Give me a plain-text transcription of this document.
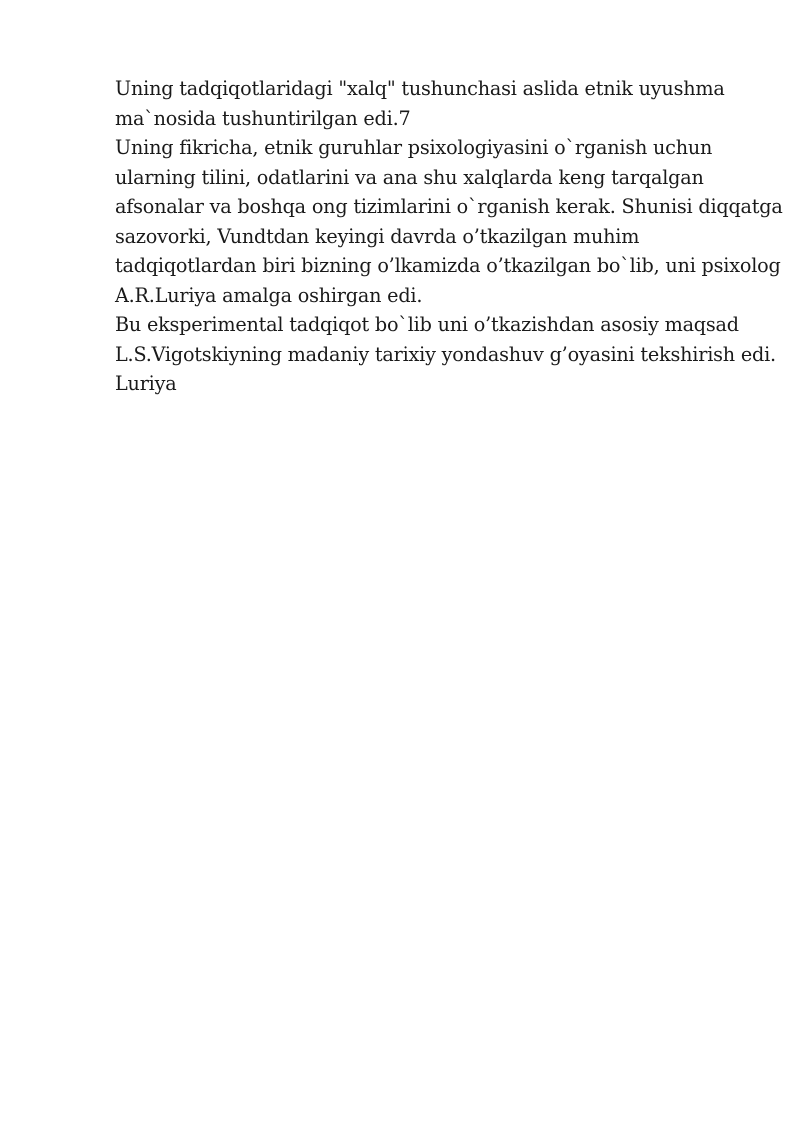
Uning tadqiqotlaridagi "xalq" tushunchasi aslida etnik uyushma
ma`nosida tushuntirilgan edi.7
Uning fikricha, etnik guruhlar psixologiyasini o`rganish uchun
ularning tilini, odatlarini va ana shu xalqlarda keng tarqalgan
afsonalar va boshqa ong tizimlarini o`rganish kerak. Shunisi diqqatga
sazovorki, Vundtdan keyingi davrda o’tkazilgan muhim
tadqiqotlardan biri bizning o’lkamizda o’tkazilgan bo`lib, uni psixolog
A.R.Luriya amalga oshirgan edi.
Bu eksperimental tadqiqot bo`lib uni o’tkazishdan asosiy maqsad
L.S.Vigotskiyning madaniy tarixiy yondashuv g’oyasini tekshirish edi.
Luriya
